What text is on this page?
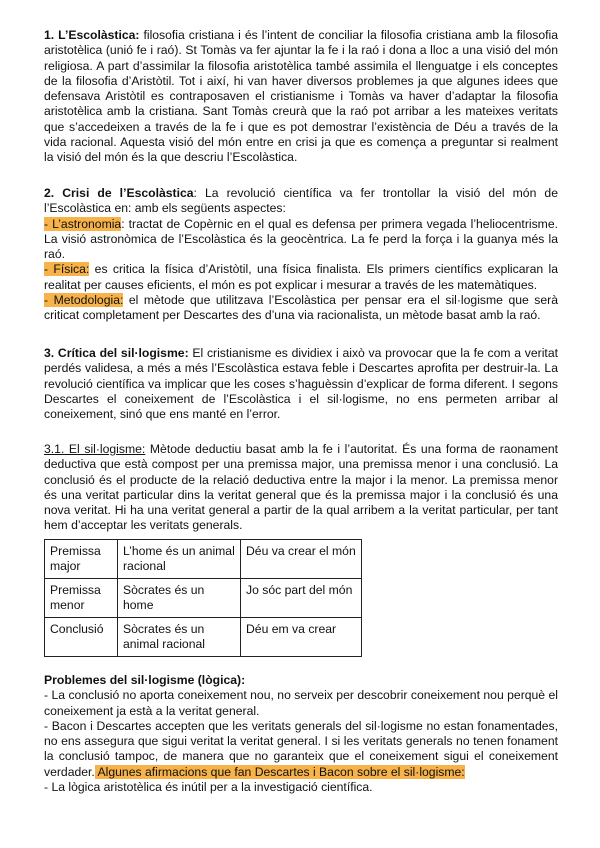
1. L’Escolàstica: filosofia cristiana i és l’intent de conciliar la filosofia cristiana amb la filosofia aristotèlica (unió fe i raó). St Tomàs va fer ajuntar la fe i la raó i dona a lloc a una visió del món religiosa. A part d’assimilar la filosofia aristotèlica també assimila el llenguatge i els conceptes de la filosofia d’Aristòtil. Tot i així, hi van haver diversos problemes ja que algunes idees que defensava Aristòtil es contraposaven el cristianisme i Tomàs va haver d’adaptar la filosofia aristotèlica amb la cristiana. Sant Tomàs creurà que la raó pot arribar a les mateixes veritats que s’accedeixen a través de la fe i que es pot demostrar l’existència de Déu a través de la vida racional. Aquesta visió del món entre en crisi ja que es comença a preguntar si realment la visió del món és la que descriu l’Escolàstica.
2. Crisi de l’Escolàstica: La revolució científica va fer trontollar la visió del món de l’Escolàstica en: amb els següents aspectes:
- L’astronomia: tractat de Copèrnic en el qual es defensa per primera vegada l’heliocentrisme. La visió astronòmica de l’Escolàstica és la geocèntrica. La fe perd la força i la guanya més la raó.
- Física: es critica la física d’Aristòtil, una física finalista. Els primers científics explicaran la realitat per causes eficients, el món es pot explicar i mesurar a través de les matemàtiques.
- Metodologia: el mètode que utilitzava l’Escolàstica per pensar era el sil·logisme que serà criticat completament per Descartes des d’una via racionalista, un mètode basat amb la raó.
3. Crítica del sil·logisme: El cristianisme es dividiex i això va provocar que la fe com a veritat perdés validesa, a més a més l’Escolàstica estava feble i Descartes aprofita per destruir-la. La revolució científica va implicar que les coses s’haguèssin d’explicar de forma diferent. I segons Descartes el coneixement de l’Escolàstica i el sil·logisme, no ens permeten arribar al coneixement, sinó que ens manté en l’error.
3.1. El sil·logisme: Mètode deductiu basat amb la fe i l’autoritat. És una forma de raonament deductiva que està compost per una premissa major, una premissa menor i una conclusió. La conclusió és el producte de la relació deductiva entre la major i la menor. La premissa menor és una veritat particular dins la veritat general que és la premissa major i la conclusió és una nova veritat. Hi ha una veritat general a partir de la qual arribem a la veritat particular, per tant hem d’acceptar les veritats generals.
Premissa major	L’home és un animal racional	Déu va crear el món
Premissa menor	Sòcrates és un home	Jo sóc part del món
Conclusió	Sòcrates és un animal racional	Déu em va crear
Problemes del sil·logisme (lògica):
- La conclusió no aporta coneixement nou, no serveix per descobrir coneixement nou perquè el coneixement ja està a la veritat general.
- Bacon i Descartes accepten que les veritats generals del sil·logisme no estan fonamentades, no ens assegura que sigui veritat la veritat general. I si les veritats generals no tenen fonament la conclusió tampoc, de manera que no garanteix que el coneixement sigui el coneixement verdader. Algunes afirmacions que fan Descartes i Bacon sobre el sil·logisme:
- La lògica aristotèlica és inútil per a la investigació científica.
